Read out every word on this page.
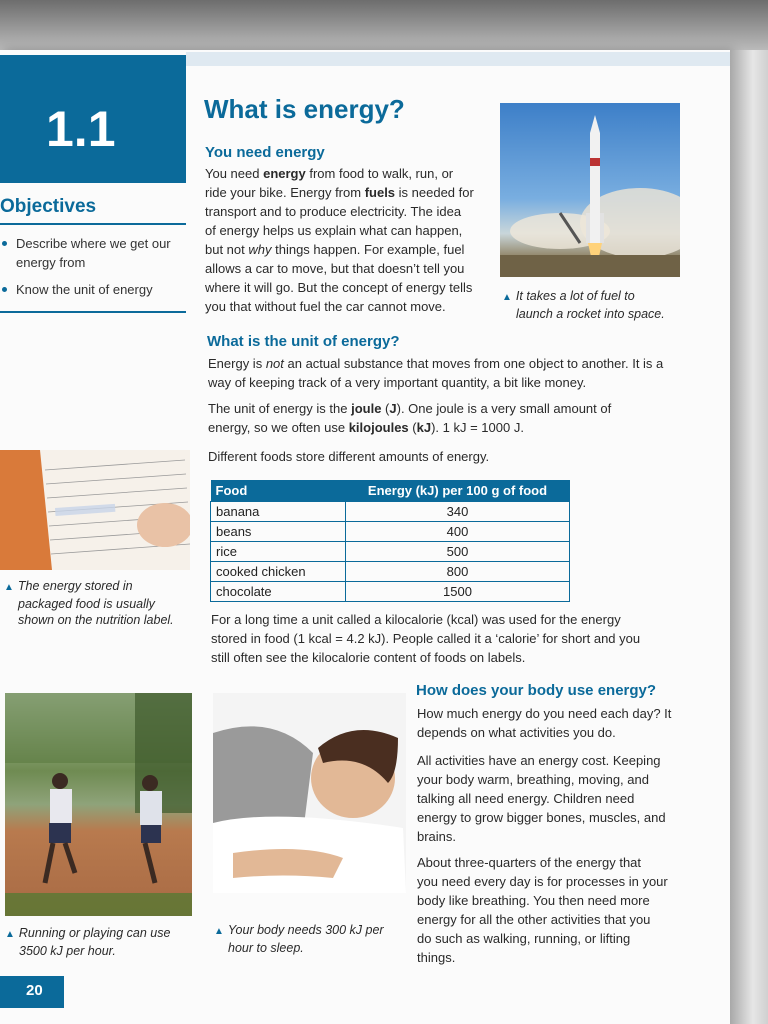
1.1
Objectives
Describe where we get our energy from
Know the unit of energy
What is energy?
You need energy
You need energy from food to walk, run, or
ride your bike. Energy from fuels is needed for
transport and to produce electricity. The idea
of energy helps us explain what can happen,
but not why things happen. For example, fuel
allows a car to move, but that doesn’t tell you
where it will go. But the concept of energy tells
you that without fuel the car cannot move.
▲ It takes a lot of fuel to
launch a rocket into space.
What is the unit of energy?
Energy is not an actual substance that moves from one object to another. It is a
way of keeping track of a very important quantity, a bit like money.
The unit of energy is the joule (J). One joule is a very small amount of
energy, so we often use kilojoules (kJ). 1 kJ = 1000 J.
Different foods store different amounts of energy.
Food	Energy (kJ) per 100 g of food
banana	340
beans	400
rice	500
cooked chicken	800
chocolate	1500
▲ The energy stored in
packaged food is usually
shown on the nutrition label.	For a long time a unit called a kilocalorie (kcal) was used for the energy
stored in food (1 kcal = 4.2 kJ). People called it a ‘calorie’ for short and you
still often see the kilocalorie content of foods on labels.
▲ Running or playing can use
3500 kJ per hour.
▲ Your body needs 300 kJ per
hour to sleep.
How does your body use energy?
How much energy do you need each day? It
depends on what activities you do.
All activities have an energy cost. Keeping
your body warm, breathing, moving, and
talking all need energy. Children need
energy to grow bigger bones, muscles, and
brains.
About three-quarters of the energy that
you need every day is for processes in your
body like breathing. You then need more
energy for all the other activities that you
do such as walking, running, or lifting
things.
20
